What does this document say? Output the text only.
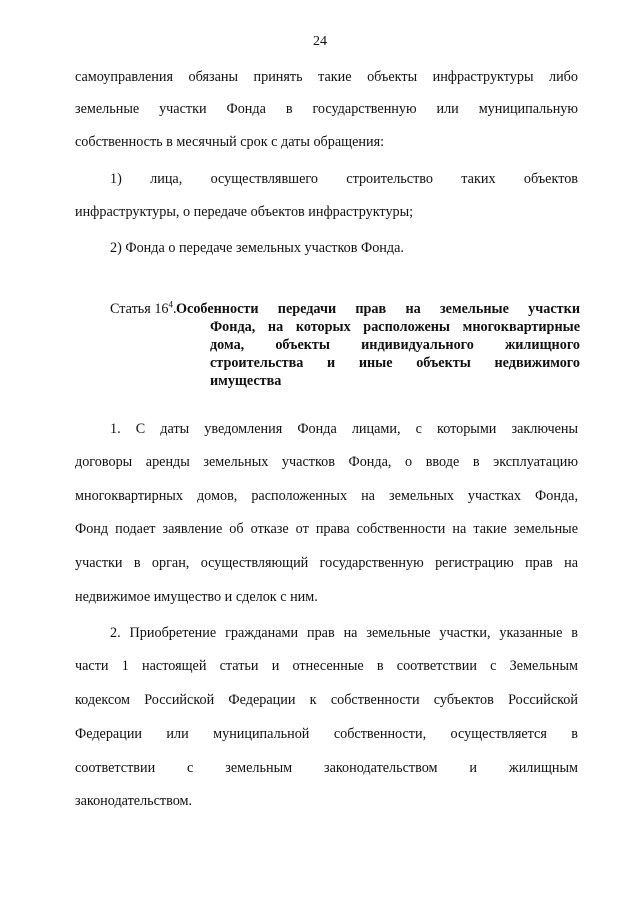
24
самоуправления обязаны принять такие объекты инфраструктуры либо
земельные участки Фонда в государственную или муниципальную
собственность в месячный срок с даты обращения:
1) лица, осуществлявшего строительство таких объектов
инфраструктуры, о передаче объектов инфраструктуры;
2) Фонда о передаче земельных участков Фонда.
Статья $16^4$. Особенности передачи прав на земельные участки
Фонда, на которых расположены многоквартирные
дома, объекты индивидуального жилищного
строительства и иные объекты недвижимого
имущества
1. С даты уведомления Фонда лицами, с которыми заключены
договоры аренды земельных участков Фонда, о вводе в эксплуатацию
многоквартирных домов, расположенных на земельных участках Фонда,
Фонд подает заявление об отказе от права собственности на такие земельные
участки в орган, осуществляющий государственную регистрацию прав на
недвижимое имущество и сделок с ним.
2. Приобретение гражданами прав на земельные участки, указанные в
части 1 настоящей статьи и отнесенные в соответствии с Земельным
кодексом Российской Федерации к собственности субъектов Российской
Федерации или муниципальной собственности, осуществляется в
соответствии с земельным законодательством и жилищным
законодательством.
